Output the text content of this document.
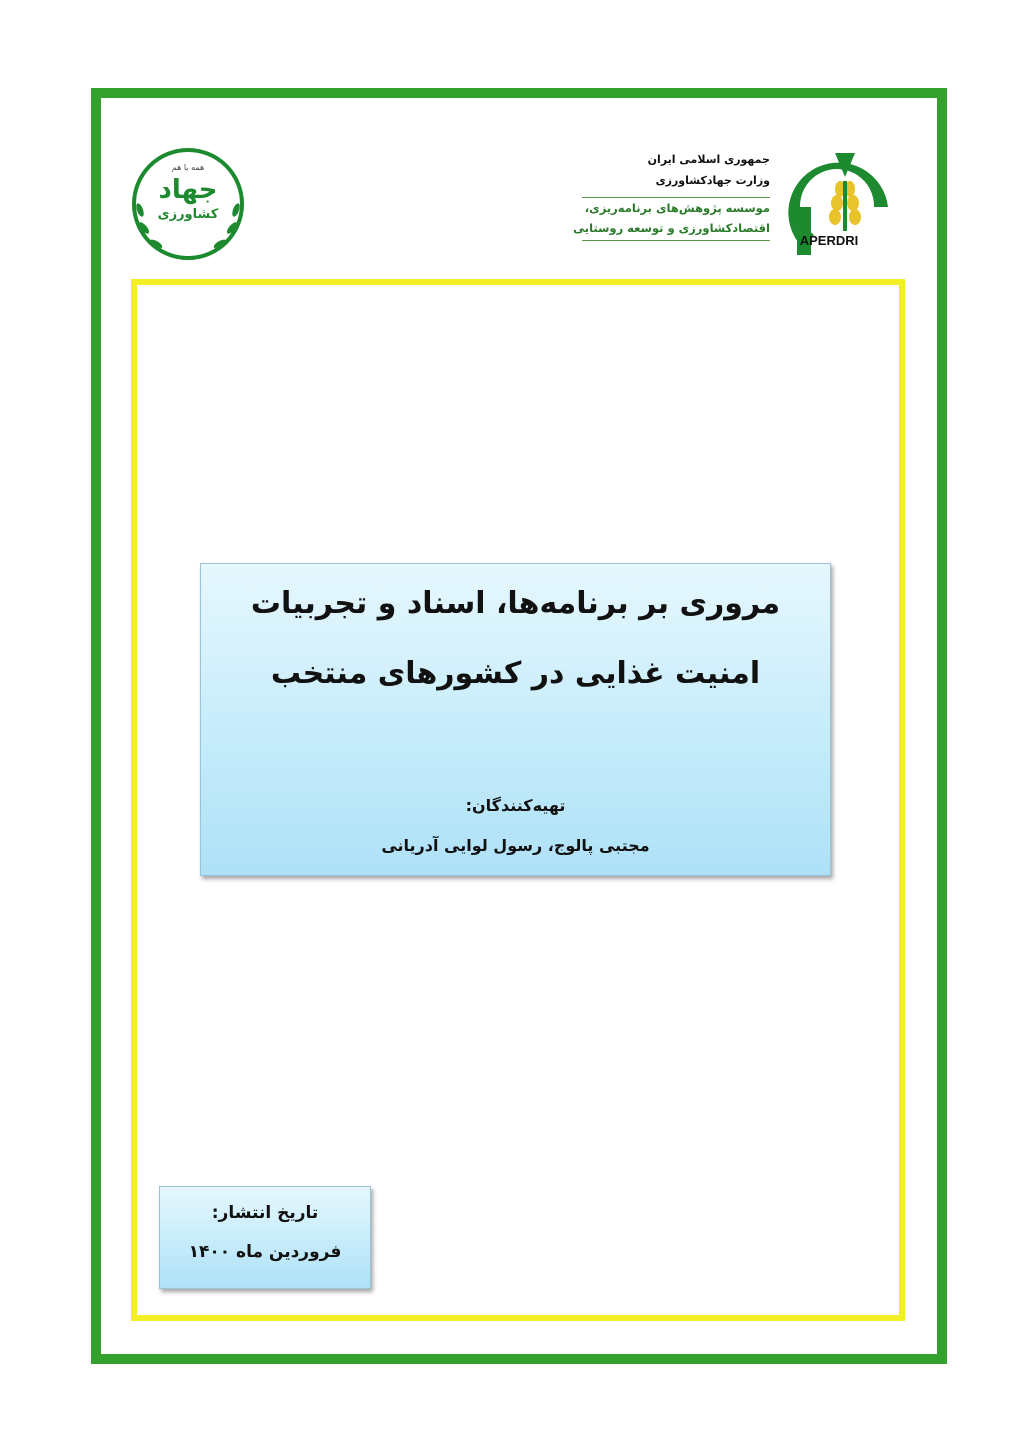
APERDRI
جمهوری اسلامی ایران
وزارت جهادکشاورزی
موسسه پژوهش‌های برنامه‌ریزی،
اقتصادکشاورزی و توسعه روستایی
همه با هم
جهاد
کشاورزی
مروری بر برنامه‌ها، اسناد و تجربیات
امنیت غذایی در کشورهای منتخب
تهیه‌کنندگان:
مجتبی پالوج، رسول لوایی آدریانی
تاریخ انتشار:
فروردین ماه ۱۴۰۰
